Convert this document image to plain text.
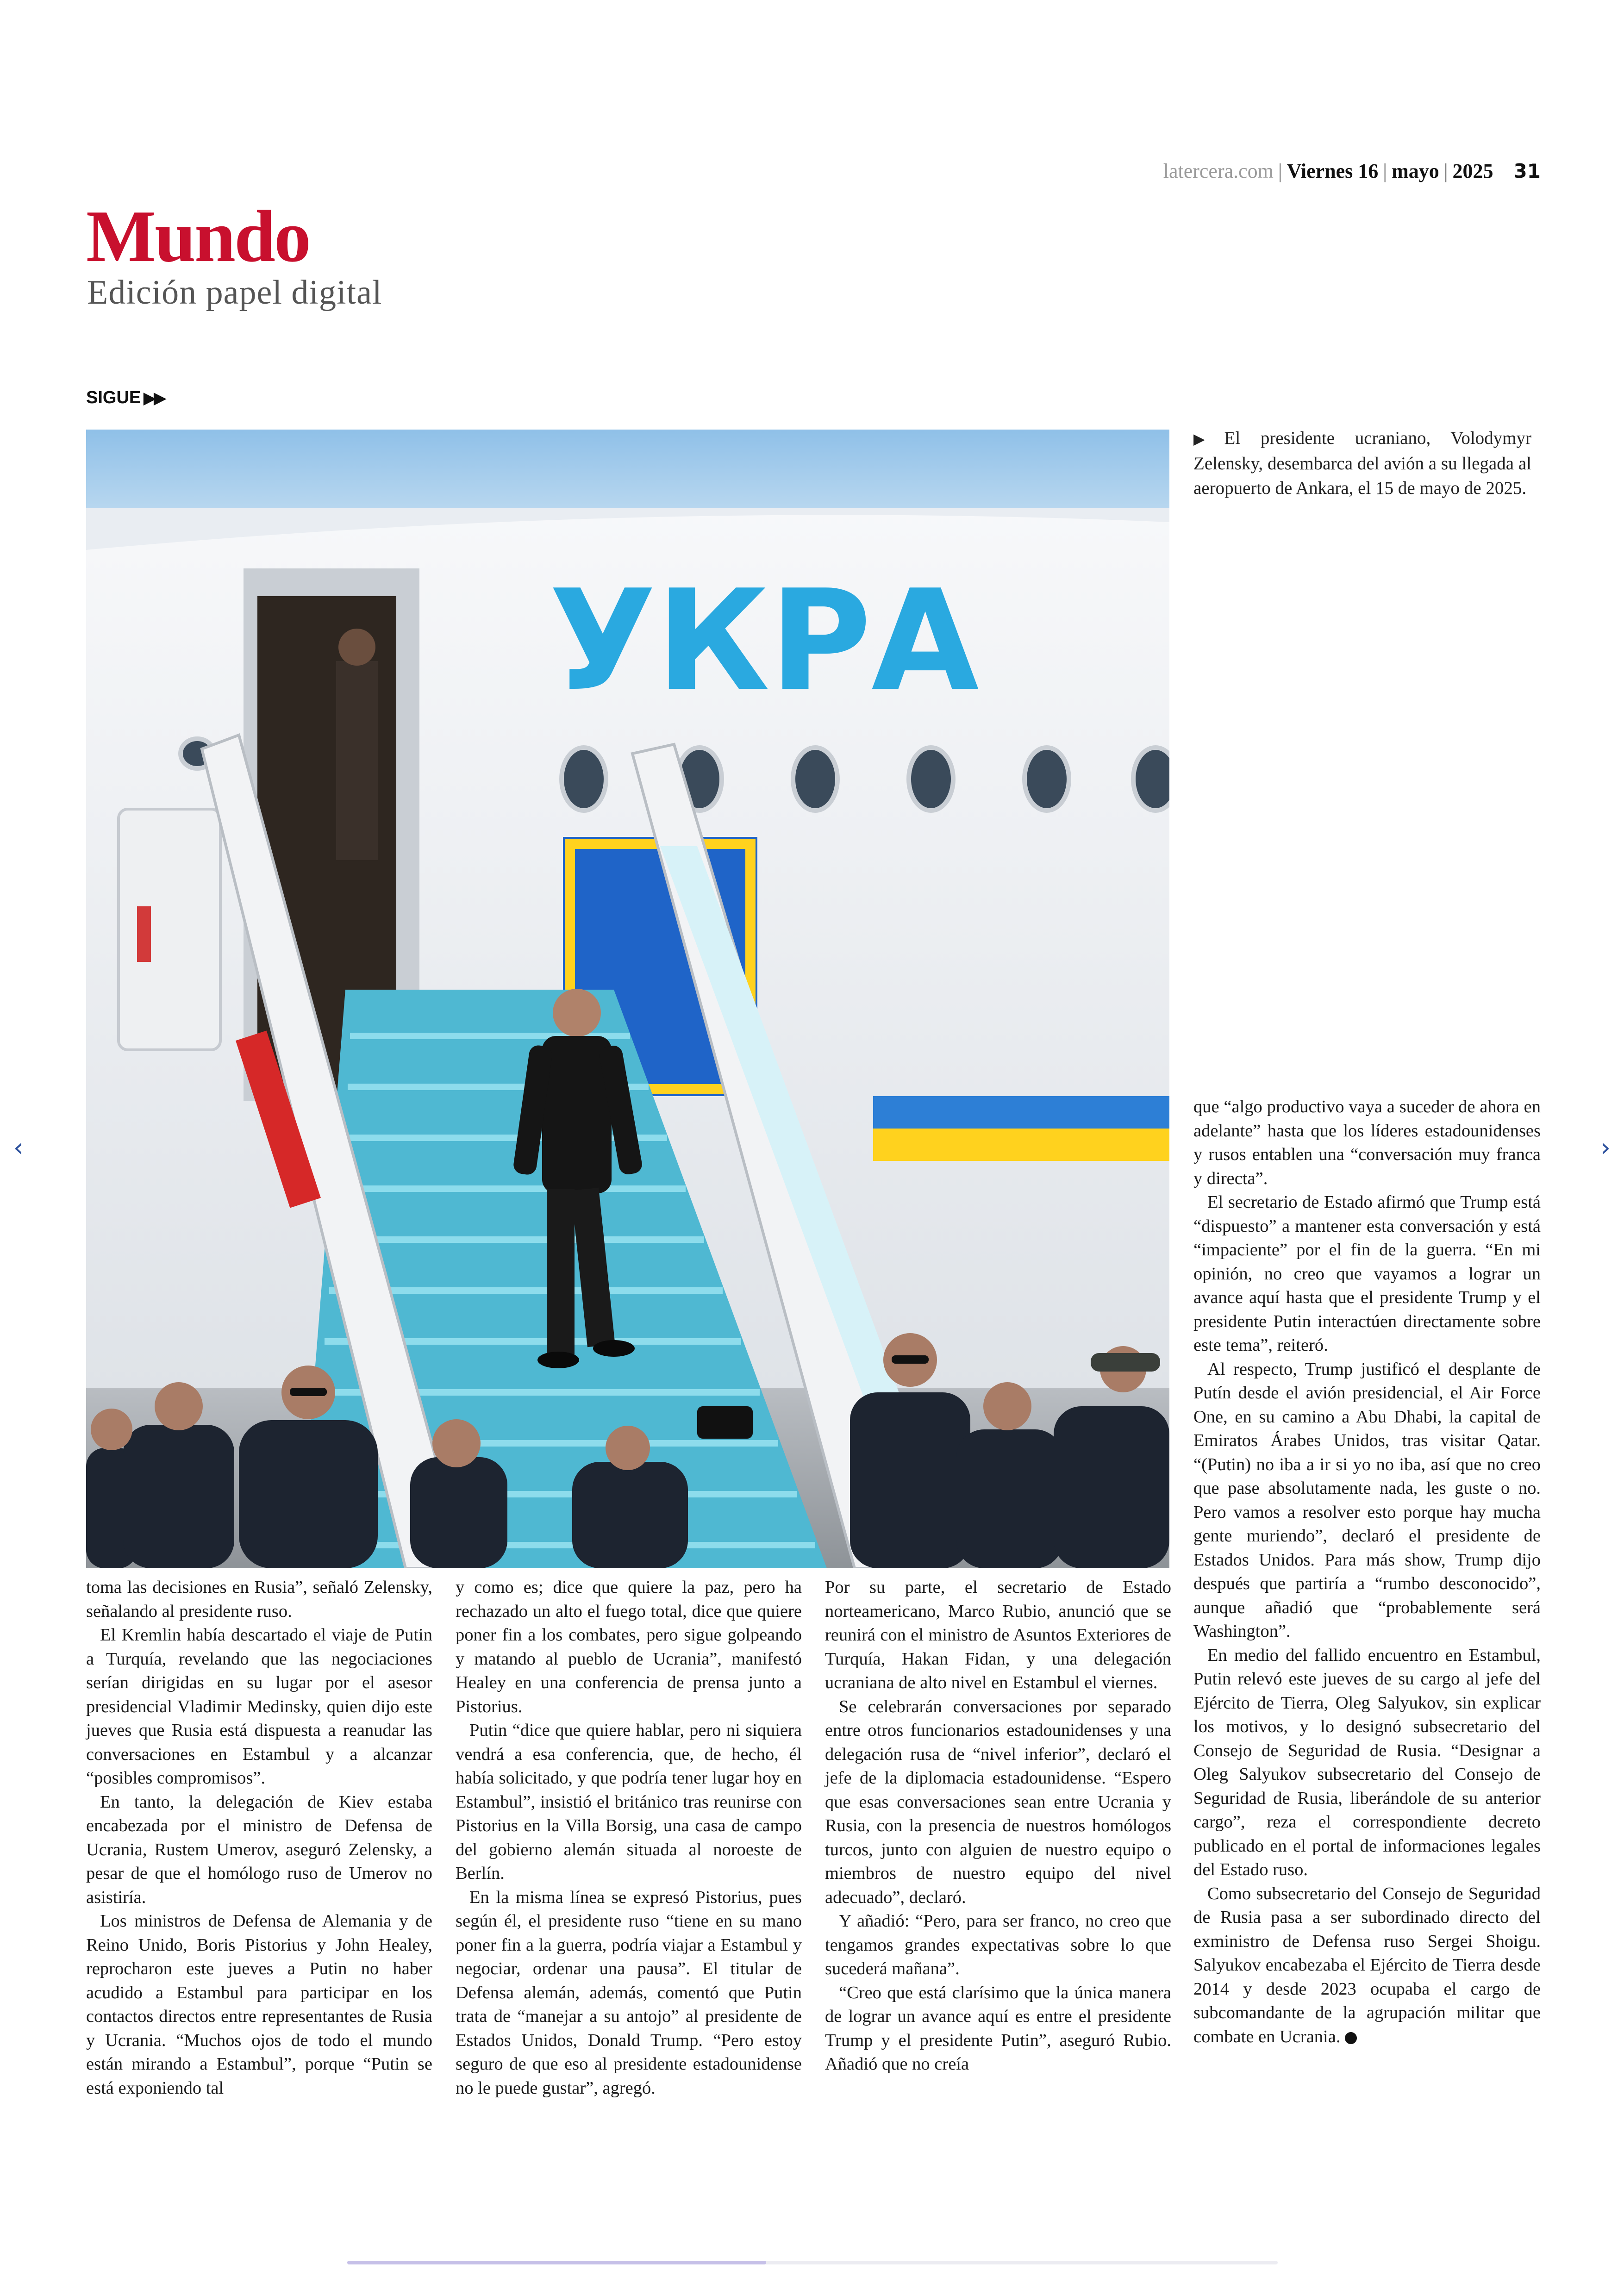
latercera.com | Viernes 16 | mayo | 2025 31
Mundo
Edición papel digital
SIGUE ▶▶
УКРА
▶ El presidente ucraniano, Volodymyr Zelensky, desembarca del avión a su llegada al aeropuerto de Ankara, el 15 de mayo de 2025.

toma las decisiones en Rusia”, señaló Zelensky, señalando al presidente ruso.

El Kremlin había descartado el viaje de Putin a Turquía, revelando que las negociaciones serían dirigidas en su lugar por el asesor presidencial Vladimir Medinsky, quien dijo este jueves que Rusia está dispuesta a reanudar las conversaciones en Estambul y a alcanzar “posibles compromisos”.

En tanto, la delegación de Kiev estaba encabezada por el ministro de Defensa de Ucrania, Rustem Umerov, aseguró Zelensky, a pesar de que el homólogo ruso de Umerov no asistiría.

Los ministros de Defensa de Alemania y de Reino Unido, Boris Pistorius y John Healey, reprocharon este jueves a Putin no haber acudido a Estambul para participar en los contactos directos entre representantes de Rusia y Ucrania. “Muchos ojos de todo el mundo están mirando a Estambul”, porque “Putin se está exponiendo tal

y como es; dice que quiere la paz, pero ha rechazado un alto el fuego total, dice que quiere poner fin a los combates, pero sigue golpeando y matando al pueblo de Ucrania”, manifestó Healey en una conferencia de prensa junto a Pistorius.

Putin “dice que quiere hablar, pero ni siquiera vendrá a esa conferencia, que, de hecho, él había solicitado, y que podría tener lugar hoy en Estambul”, insistió el británico tras reunirse con Pistorius en la Villa Borsig, una casa de campo del gobierno alemán situada al noroeste de Berlín.

En la misma línea se expresó Pistorius, pues según él, el presidente ruso “tiene en su mano poner fin a la guerra, podría viajar a Estambul y negociar, ordenar una pausa”. El titular de Defensa alemán, además, comentó que Putin trata de “manejar a su antojo” al presidente de Estados Unidos, Donald Trump. “Pero estoy seguro de que eso al presidente estadounidense no le puede gustar”, agregó.

Por su parte, el secretario de Estado norteamericano, Marco Rubio, anunció que se reunirá con el ministro de Asuntos Exteriores de Turquía, Hakan Fidan, y una delegación ucraniana de alto nivel en Estambul el viernes.

Se celebrarán conversaciones por separado entre otros funcionarios estadounidenses y una delegación rusa de “nivel inferior”, declaró el jefe de la diplomacia estadounidense. “Espero que esas conversaciones sean entre Ucrania y Rusia, con la presencia de nuestros homólogos turcos, junto con alguien de nuestro equipo o miembros de nuestro equipo del nivel adecuado”, declaró.

Y añadió: “Pero, para ser franco, no creo que tengamos grandes expectativas sobre lo que sucederá mañana”.

“Creo que está clarísimo que la única manera de lograr un avance aquí es entre el presidente Trump y el presidente Putin”, aseguró Rubio. Añadió que no creía

que “algo productivo vaya a suceder de ahora en adelante” hasta que los líderes estadounidenses y rusos entablen una “conversación muy franca y directa”.

El secretario de Estado afirmó que Trump está “dispuesto” a mantener esta conversación y está “impaciente” por el fin de la guerra. “En mi opinión, no creo que vayamos a lograr un avance aquí hasta que el presidente Trump y el presidente Putin interactúen directamente sobre este tema”, reiteró.

Al respecto, Trump justificó el desplante de Putín desde el avión presidencial, el Air Force One, en su camino a Abu Dhabi, la capital de Emiratos Árabes Unidos, tras visitar Qatar. “(Putin) no iba a ir si yo no iba, así que no creo que pase absolutamente nada, les guste o no. Pero vamos a resolver esto porque hay mucha gente muriendo”, declaró el presidente de Estados Unidos. Para más show, Trump dijo después que partiría a “rumbo desconocido”, aunque añadió que “probablemente será Washington”.

En medio del fallido encuentro en Estambul, Putin relevó este jueves de su cargo al jefe del Ejército de Tierra, Oleg Salyukov, sin explicar los motivos, y lo designó subsecretario del Consejo de Seguridad de Rusia. “Designar a Oleg Salyukov subsecretario del Consejo de Seguridad de Rusia, liberándole de su anterior cargo”, reza el correspondiente decreto publicado en el portal de informaciones legales del Estado ruso.

Como subsecretario del Consejo de Seguridad de Rusia pasa a ser subordinado directo del exministro de Defensa ruso Sergei Shoigu. Salyukov encabezaba el Ejército de Tierra desde 2014 y desde 2023 ocupaba el cargo de subcomandante de la agrupación militar que combate en Ucrania.

‹	›
